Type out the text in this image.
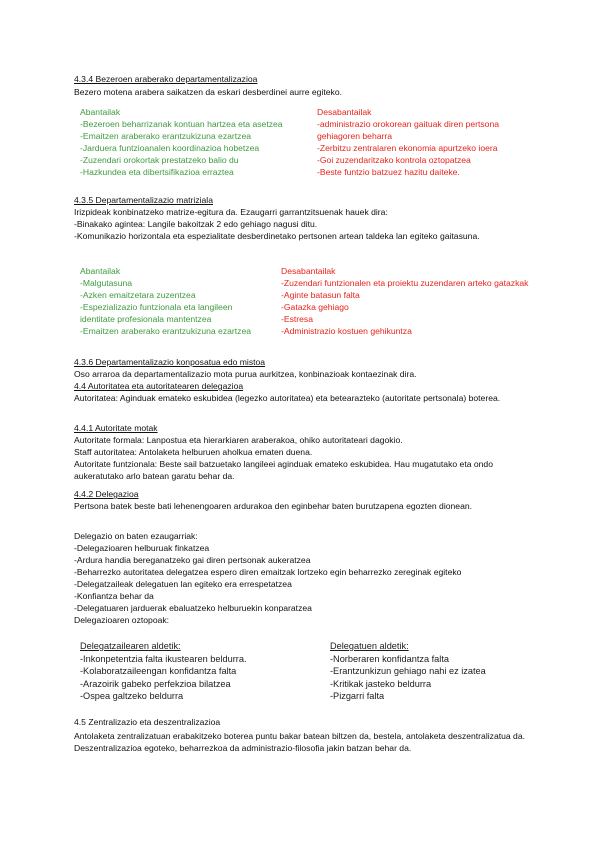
4.3.4 Bezeroen araberako departamentalizazioa

Bezero motena arabera saikatzen da eskari desberdinei aurre egiteko.

Abantailak
-Bezeroen beharrizanak kontuan hartzea eta asetzea
-Emaitzen araberako erantzukizuna ezartzea
-Jarduera funtzioanalen koordinazioa hobetzea
-Zuzendari orokortak prestatzeko balio du
-Hazkundea eta dibertsifikazioa erraztea
Desabantailak
-administrazio orokorean gaituak diren pertsona
gehiagoren beharra
-Zerbitzu zentralaren ekonomia apurtzeko ioera
-Goi zuzendaritzako kontrola oztopatzea
-Beste funtzio batzuez hazitu daiteke.

4.3.5 Departamentalizazio matriziala

Irizpideak konbinatzeko matrize-egitura da. Ezaugarri garrantzitsuenak hauek dira:

-Binakako agintea: Langile bakoitzak 2 edo gehiago nagusi ditu.

-Komunikazio horizontala eta espezialitate desberdinetako pertsonen artean taldeka lan egiteko gaitasuna.

Abantailak
-Malgutasuna
-Azken emaitzetara zuzentzea
-Espezializazio funtzionala eta langileen
identitate profesionala mantentzea
-Emaitzen araberako erantzukizuna ezartzea
Desabantailak
-Zuzendari funtzionalen eta proiektu zuzendaren arteko gatazkak
-Aginte batasun falta
-Gatazka gehiago
-Estresa
-Administrazio kostuen gehikuntza

4.3.6 Departamentalizazio konposatua edo mistoa

Oso arraroa da departamentalizazio mota purua aurkitzea, konbinazioak kontaezinak dira.

4.4 Autoritatea eta autoritatearen delegazioa

Autoritatea: Aginduak emateko eskubidea (legezko autoritatea) eta betearazteko (autoritate pertsonala) boterea.

4.4.1 Autoritate motak

Autoritate formala: Lanpostua eta hierarkiaren araberakoa, ohiko autoritateari dagokio.

Staff autoritatea: Antolaketa helburuen aholkua ematen duena.

Autoritate funtzionala: Beste sail batzuetako langileei aginduak emateko eskubidea. Hau mugatutako eta ondo aukeratutako arlo batean garatu behar da.

4.4.2 Delegazioa

Pertsona batek beste bati lehenengoaren ardurakoa den eginbehar baten burutzapena egozten dionean.

Delegazio on baten ezaugarriak:

-Delegazioaren helburuak finkatzea

-Ardura handia bereganatzeko gai diren pertsonak aukeratzea

-Beharrezko autoritatea delegatzea espero diren emaitzak lortzeko egin beharrezko zereginak egiteko

-Delegatzaileak delegatuen lan egiteko era errespetatzea

-Konfiantza behar da

-Delegatuaren jarduerak ebaluatzeko helburuekin konparatzea

Delegazioaren oztopoak:

Delegatzailearen aldetik:
-Inkonpetentzia falta ikustearen beldurra.
-Kolaboratzaileengan konfidantza falta
-Arazoirik gabeko perfekzioa bilatzea
-Ospea galtzeko beldurra
Delegatuen aldetik:
-Norberaren konfidantza falta
-Erantzunkizun gehiago nahi ez izatea
-Kritikak jasteko beldurra
-Pizgarri falta

4.5 Zentralizazio eta deszentralizazioa

Antolaketa zentralizatuan erabakitzeko boterea puntu bakar batean biltzen da, bestela, antolaketa deszentralizatua da. Deszentralizazioa egoteko, beharrezkoa da administrazio-filosofia jakin batzan behar da.
